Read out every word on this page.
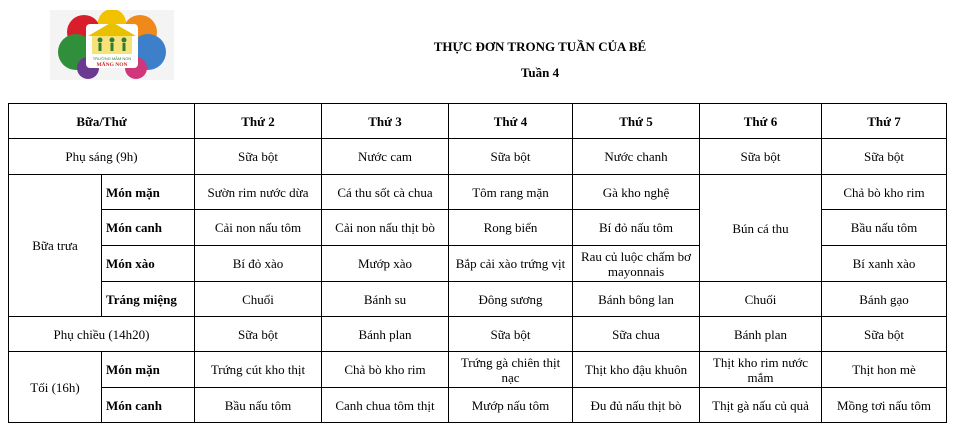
TRƯỜNG MẦM NON
MĂNG NON
THỰC ĐƠN TRONG TUẦN CỦA BÉ
Tuần 4
Bữa/Thứ		Thứ 2	Thứ 3	Thứ 4	Thứ 5	Thứ 6	Thứ 7
Phụ sáng (9h)		Sữa bột	Nước cam	Sữa bột	Nước chanh	Sữa bột	Sữa bột
Bữa trưa	Món mặn	Sườn rim nước dừa	Cá thu sốt cà chua	Tôm rang mặn	Gà kho nghệ	Bún cá thu	Chả bò kho rim
	Món canh	Cải non nấu tôm	Cải non nấu thịt bò	Rong biển	Bí đỏ nấu tôm		Bầu nấu tôm
	Món xào	Bí đỏ xào	Mướp xào	Bắp cải xào trứng vịt	Rau củ luộc chấm bơ mayonnais		Bí xanh xào
	Tráng miệng	Chuối	Bánh su	Đông sương	Bánh bông lan	Chuối	Bánh gạo
Phụ chiều (14h20)		Sữa bột	Bánh plan	Sữa bột	Sữa chua	Bánh plan	Sữa bột
Tối (16h)	Món mặn	Trứng cút kho thịt	Chả bò kho rim	Trứng gà chiên thịt nạc	Thịt kho đậu khuôn	Thịt kho rim nước mắm	Thịt hon mè
	Món canh	Bầu nấu tôm	Canh chua tôm thịt	Mướp nấu tôm	Đu đủ nấu thịt bò	Thịt gà nấu củ quả	Mồng tơi nấu tôm
